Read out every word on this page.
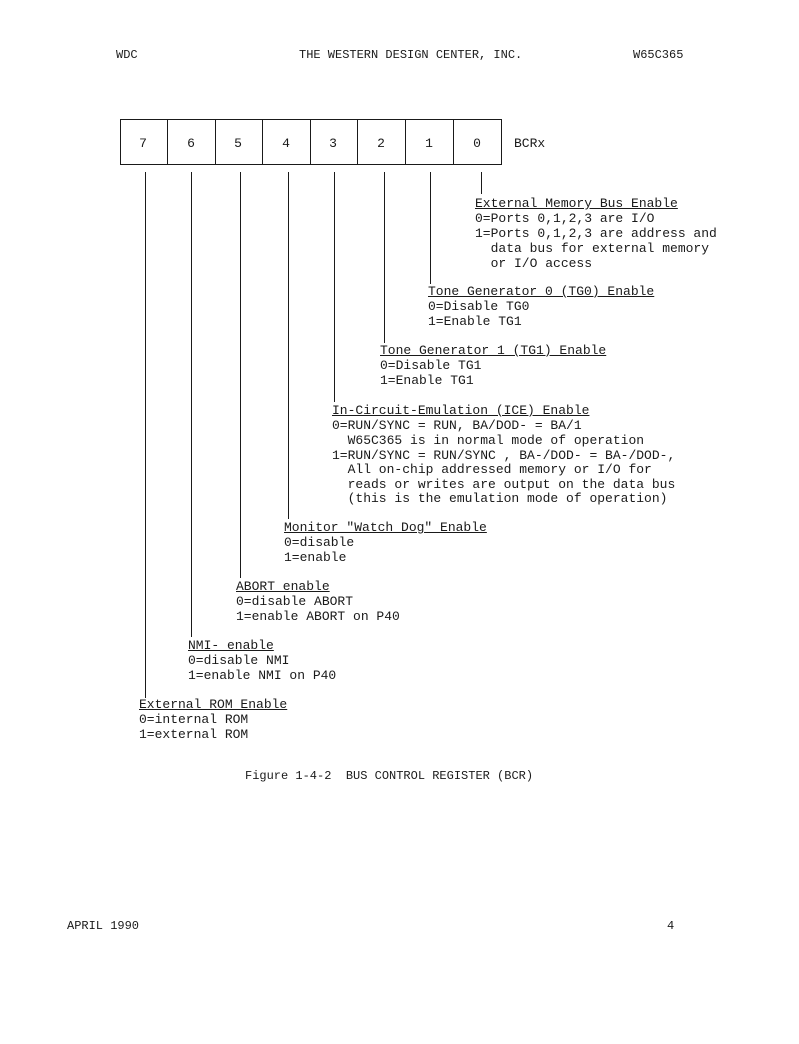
WDC	THE WESTERN DESIGN CENTER, INC.	W65C365
7	6	5	4	3	2	1	0	BCRx
External Memory Bus Enable
0=Ports 0,1,2,3 are I/O
1=Ports 0,1,2,3 are address and
data bus for external memory
or I/O access
Tone Generator 0 (TG0) Enable
0=Disable TG0
1=Enable TG1
Tone Generator 1 (TG1) Enable
0=Disable TG1
1=Enable TG1
In-Circuit-Emulation (ICE) Enable
0=RUN/SYNC = RUN, BA/DOD- = BA/1
W65C365 is in normal mode of operation
1=RUN/SYNC = RUN/SYNC , BA-/DOD- = BA-/DOD-,
All on-chip addressed memory or I/O for
reads or writes are output on the data bus
(this is the emulation mode of operation)
Monitor "Watch Dog" Enable
0=disable
1=enable
ABORT enable
0=disable ABORT
1=enable ABORT on P40
NMI- enable
0=disable NMI
1=enable NMI on P40
External ROM Enable
0=internal ROM
1=external ROM
Figure 1-4-2  BUS CONTROL REGISTER (BCR)
APRIL 1990	4
